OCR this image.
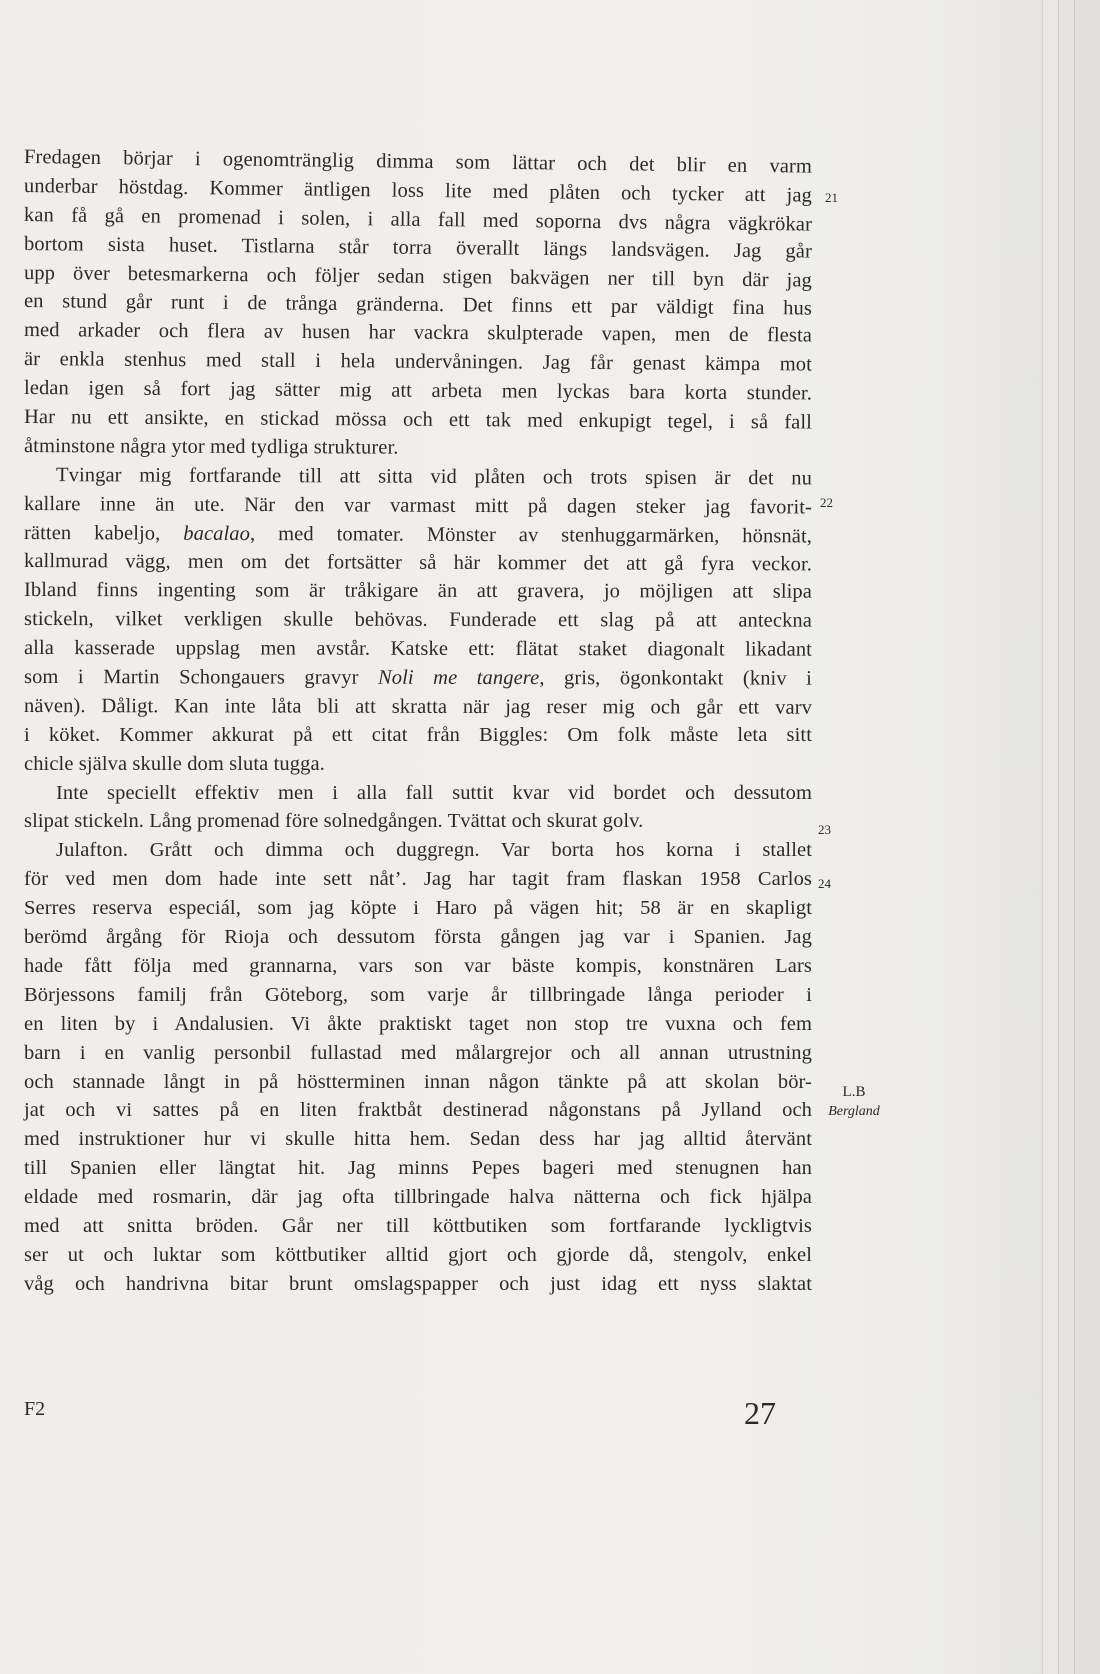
Fredagen börjar i ogenomtränglig dimma som lättar och det blir en varm
underbar höstdag. Kommer äntligen loss lite med plåten och tycker att jag
kan få gå en promenad i solen, i alla fall med soporna dvs några vägkrökar
bortom sista huset. Tistlarna står torra överallt längs landsvägen. Jag går
upp över betesmarkerna och följer sedan stigen bakvägen ner till byn där jag
en stund går runt i de trånga gränderna. Det finns ett par väldigt fina hus
med arkader och flera av husen har vackra skulpterade vapen, men de flesta
är enkla stenhus med stall i hela undervåningen. Jag får genast kämpa mot
ledan igen så fort jag sätter mig att arbeta men lyckas bara korta stunder.
Har nu ett ansikte, en stickad mössa och ett tak med enkupigt tegel, i så fall
åtminstone några ytor med tydliga strukturer.
Tvingar mig fortfarande till att sitta vid plåten och trots spisen är det nu
kallare inne än ute. När den var varmast mitt på dagen steker jag favorit-
rätten kabeljo, bacalao, med tomater. Mönster av stenhuggarmärken, hönsnät,
kallmurad vägg, men om det fortsätter så här kommer det att gå fyra veckor.
Ibland finns ingenting som är tråkigare än att gravera, jo möjligen att slipa
stickeln, vilket verkligen skulle behövas. Funderade ett slag på att anteckna
alla kasserade uppslag men avstår. Katske ett: flätat staket diagonalt likadant
som i Martin Schongauers gravyr Noli me tangere, gris, ögonkontakt (kniv i
näven). Dåligt. Kan inte låta bli att skratta när jag reser mig och går ett varv
i köket. Kommer akkurat på ett citat från Biggles: Om folk måste leta sitt
chicle själva skulle dom sluta tugga.
Inte speciellt effektiv men i alla fall suttit kvar vid bordet och dessutom
slipat stickeln. Lång promenad före solnedgången. Tvättat och skurat golv.
Julafton. Grått och dimma och duggregn. Var borta hos korna i stallet
för ved men dom hade inte sett nåt’. Jag har tagit fram flaskan 1958 Carlos
Serres reserva especiál, som jag köpte i Haro på vägen hit; 58 är en skapligt
berömd årgång för Rioja och dessutom första gången jag var i Spanien. Jag
hade fått följa med grannarna, vars son var bäste kompis, konstnären Lars
Börjessons familj från Göteborg, som varje år tillbringade långa perioder i
en liten by i Andalusien. Vi åkte praktiskt taget non stop tre vuxna och fem
barn i en vanlig personbil fullastad med målargrejor och all annan utrustning
och stannade långt in på höstterminen innan någon tänkte på att skolan bör-
jat och vi sattes på en liten fraktbåt destinerad någonstans på Jylland och
med instruktioner hur vi skulle hitta hem. Sedan dess har jag alltid återvänt
till Spanien eller längtat hit. Jag minns Pepes bageri med stenugnen han
eldade med rosmarin, där jag ofta tillbringade halva nätterna och fick hjälpa
med att snitta bröden. Går ner till köttbutiken som fortfarande lyckligtvis
ser ut och luktar som köttbutiker alltid gjort och gjorde då, stengolv, enkel
våg och handrivna bitar brunt omslagspapper och just idag ett nyss slaktat
21
22
23
24
L.B
Bergland
F2	27
